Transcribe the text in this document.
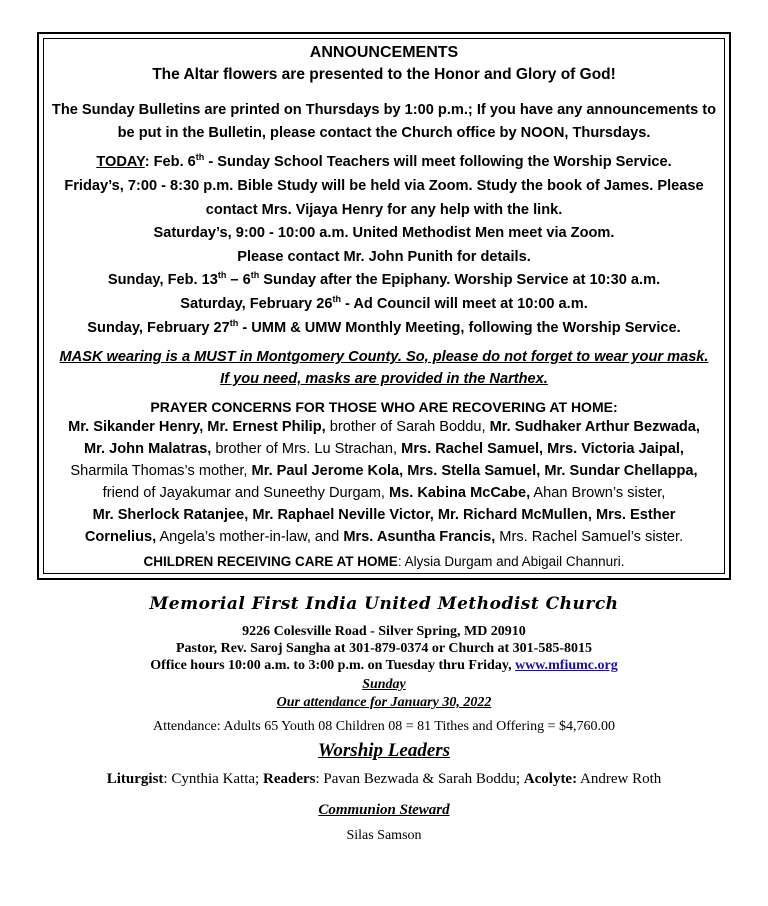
ANNOUNCEMENTS
The Altar flowers are presented to the Honor and Glory of God!
The Sunday Bulletins are printed on Thursdays by 1:00 p.m.; If you have any announcements to
be put in the Bulletin, please contact the Church office by NOON, Thursdays.
TODAY: Feb. 6th - Sunday School Teachers will meet following the Worship Service.
Friday’s, 7:00 - 8:30 p.m. Bible Study will be held via Zoom. Study the book of James. Please
contact Mrs. Vijaya Henry for any help with the link.
Saturday’s, 9:00 - 10:00 a.m. United Methodist Men meet via Zoom.
Please contact Mr. John Punith for details.
Sunday, Feb. 13th – 6th Sunday after the Epiphany. Worship Service at 10:30 a.m.
Saturday, February 26th - Ad Council will meet at 10:00 a.m.
Sunday, February 27th - UMM & UMW Monthly Meeting, following the Worship Service.
MASK wearing is a MUST in Montgomery County. So, please do not forget to wear your mask.
If you need, masks are provided in the Narthex.
PRAYER CONCERNS FOR THOSE WHO ARE RECOVERING AT HOME:
Mr. Sikander Henry, Mr. Ernest Philip, brother of Sarah Boddu, Mr. Sudhaker Arthur Bezwada,
Mr. John Malatras, brother of Mrs. Lu Strachan, Mrs. Rachel Samuel, Mrs. Victoria Jaipal,
Sharmila Thomas’s mother, Mr. Paul Jerome Kola, Mrs. Stella Samuel, Mr. Sundar Chellappa,
friend of Jayakumar and Suneethy Durgam, Ms. Kabina McCabe, Ahan Brown’s sister,
Mr. Sherlock Ratanjee, Mr. Raphael Neville Victor, Mr. Richard McMullen, Mrs. Esther
Cornelius, Angela’s mother-in-law, and Mrs. Asuntha Francis, Mrs. Rachel Samuel’s sister.
CHILDREN RECEIVING CARE AT HOME: Alysia Durgam and Abigail Channuri.
Memorial First India United Methodist Church
9226 Colesville Road - Silver Spring, MD 20910
Pastor, Rev. Saroj Sangha at 301-879-0374 or Church at 301-585-8015
Office hours 10:00 a.m. to 3:00 p.m. on Tuesday thru Friday, www.mfiumc.org
Sunday
Our attendance for January 30, 2022
Attendance: Adults 65 Youth 08 Children 08 = 81 Tithes and Offering = $4,760.00
Worship Leaders
Liturgist: Cynthia Katta; Readers: Pavan Bezwada & Sarah Boddu; Acolyte: Andrew Roth
Communion Steward
Silas Samson
